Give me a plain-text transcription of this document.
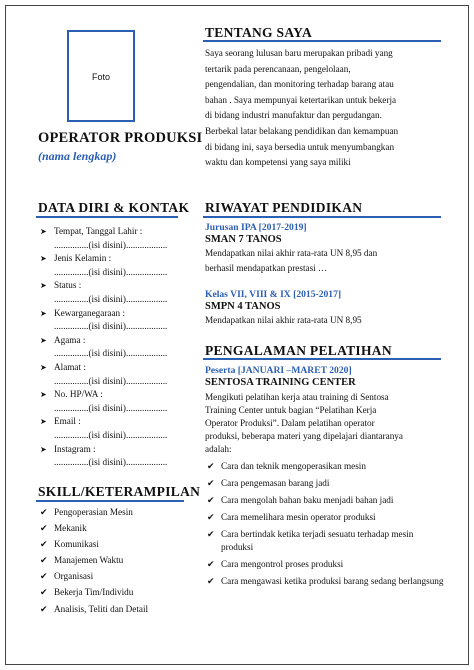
Foto
OPERATOR PRODUKSI
(nama lengkap)
TENTANG SAYA
Saya seorang lulusan baru merupakan pribadi yang
tertarik pada perencanaan, pengelolaan,
pengendalian, dan monitoring terhadap barang atau
bahan . Saya mempunyai ketertarikan untuk bekerja
di bidang industri manufaktur dan pergudangan.
Berbekal latar belakang pendidikan dan kemampuan
di bidang ini, saya bersedia untuk menyumbangkan
waktu dan kompetensi yang saya miliki
DATA DIRI & KONTAK
➤ Tempat, Tanggal Lahir :
...............(isi disini)..................
➤ Jenis Kelamin :
...............(isi disini)..................
➤ Status :
...............(isi disini)..................
➤ Kewarganegaraan :
...............(isi disini)..................
➤ Agama :
...............(isi disini)..................
➤ Alamat :
...............(isi disini)..................
➤ No. HP/WA :
...............(isi disini)..................
➤ Email :
...............(isi disini)..................
➤ Instagram :
...............(isi disini)..................
SKILL/KETERAMPILAN
✔ Pengoperasian Mesin
✔ Mekanik
✔ Komunikasi
✔ Manajemen Waktu
✔ Organisasi
✔ Bekerja Tim/Individu
✔ Analisis, Teliti dan Detail
RIWAYAT PENDIDIKAN
Jurusan IPA [2017-2019]
SMAN 7 TANOS
Mendapatkan nilai akhir rata-rata UN 8,95 dan
berhasil mendapatkan prestasi …
Kelas VII, VIII & IX [2015-2017]
SMPN 4 TANOS
Mendapatkan nilai akhir rata-rata UN 8,95
PENGALAMAN PELATIHAN
Peserta [JANUARI –MARET 2020]
SENTOSA TRAINING CENTER
Mengikuti pelatihan kerja atau training di Sentosa
Training Center untuk bagian “Pelatihan Kerja
Operator Produksi”. Dalam pelatihan operator
produksi, beberapa materi yang dipelajari diantaranya
adalah:
✔ Cara dan teknik mengoperasikan mesin
✔ Cara pengemasan barang jadi
✔ Cara mengolah bahan baku menjadi bahan jadi
✔ Cara memelihara mesin operator produksi
✔ Cara bertindak ketika terjadi sesuatu terhadap mesin produksi
✔ Cara mengontrol proses produksi
✔ Cara mengawasi ketika produksi barang sedang berlangsung
